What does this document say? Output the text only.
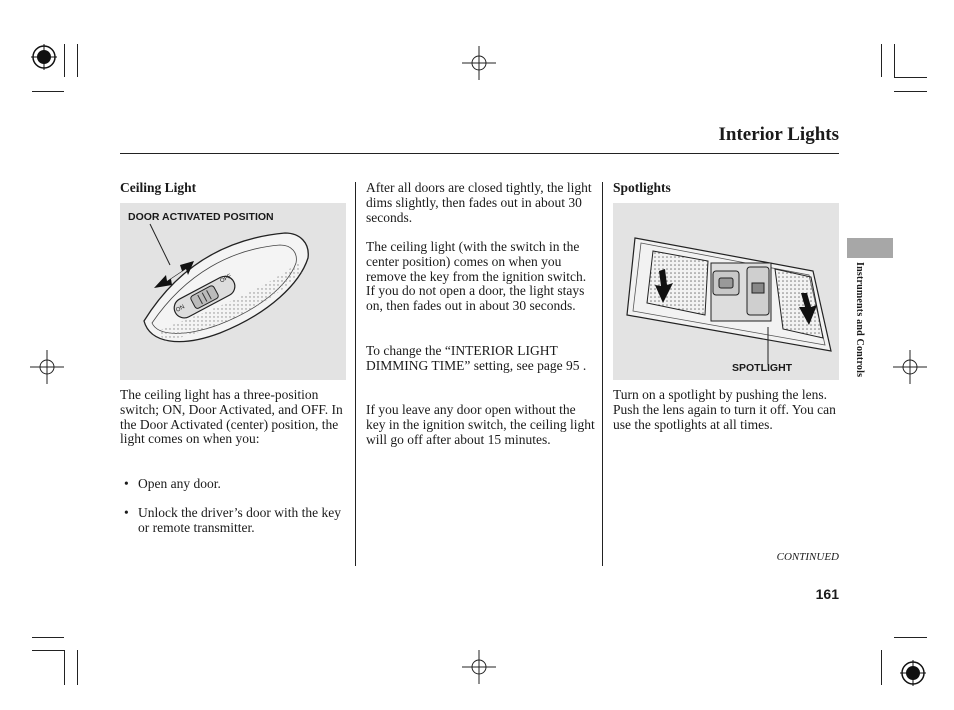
Interior Lights
Ceiling Light
DOOR ACTIVATED POSITION
ON
OFF

The ceiling light has a three-position switch; ON, Door Activated, and OFF. In the Door Activated (center) position, the light comes on when you:

• Open any door.
• Unlock the driver’s door with the key or remote transmitter.

After all doors are closed tightly, the light dims slightly, then fades out in about 30 seconds.

The ceiling light (with the switch in the center position) comes on when you remove the key from the ignition switch. If you do not open a door, the light stays on, then fades out in about 30 seconds.

To change the “INTERIOR LIGHT DIMMING TIME” setting, see page 95 .

If you leave any door open without the key in the ignition switch, the ceiling light will go off after about 15 minutes.

Spotlights
SPOTLIGHT

Turn on a spotlight by pushing the lens. Push the lens again to turn it off. You can use the spotlights at all times.

Instruments and Controls
CONTINUED
161
